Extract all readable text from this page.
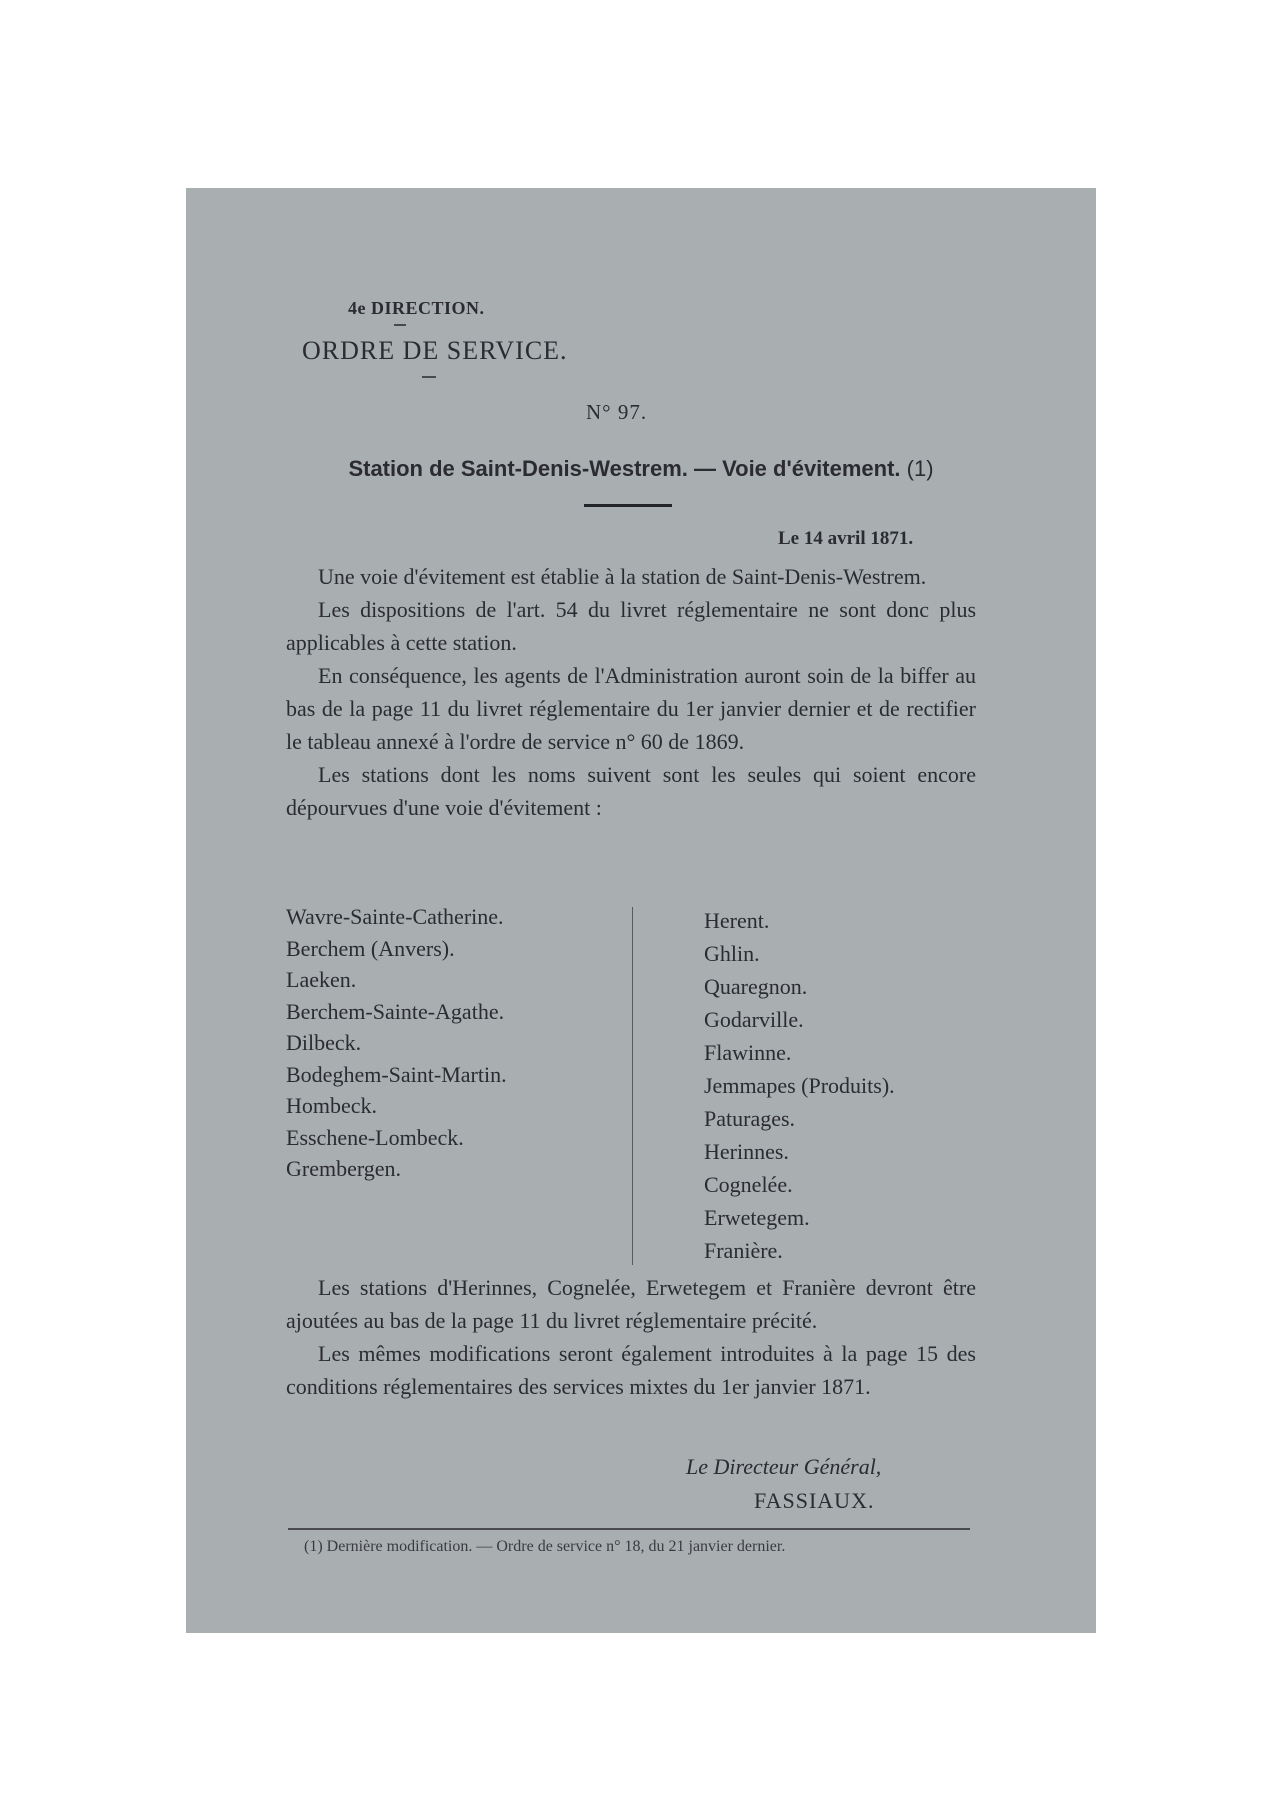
4e DIRECTION.
ORDRE DE SERVICE.
N° 97.
Station de Saint-Denis-Westrem. — Voie d'évitement. (1)
Le 14 avril 1871.

Une voie d'évitement est établie à la station de Saint-Denis-Westrem.

Les dispositions de l'art. 54 du livret réglementaire ne sont donc plus applicables à cette station.

En conséquence, les agents de l'Administration auront soin de la biffer au bas de la page 11 du livret réglementaire du 1er janvier dernier et de rectifier le tableau annexé à l'ordre de service n° 60 de 1869.

Les stations dont les noms suivent sont les seules qui soient encore dépourvues d'une voie d'évitement :

Wavre-Sainte-Catherine.
Berchem (Anvers).
Laeken.
Berchem-Sainte-Agathe.
Dilbeck.
Bodeghem-Saint-Martin.
Hombeck.
Esschene-Lombeck.
Grembergen.
Herent.
Ghlin.
Quaregnon.
Godarville.
Flawinne.
Jemmapes (Produits).
Paturages.
Herinnes.
Cognelée.
Erwetegem.
Franière.

Les stations d'Herinnes, Cognelée, Erwetegem et Franière devront être ajoutées au bas de la page 11 du livret réglementaire précité.

Les mêmes modifications seront également introduites à la page 15 des conditions réglementaires des services mixtes du 1er janvier 1871.

Le Directeur Général,
FASSIAUX.
(1) Dernière modification. — Ordre de service n° 18, du 21 janvier dernier.
